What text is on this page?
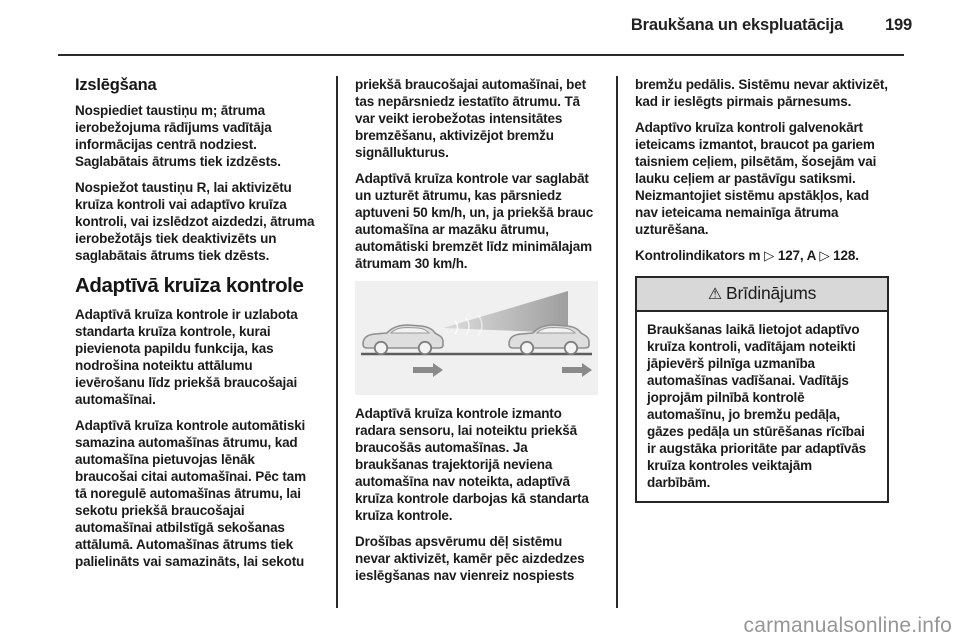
Braukšana un ekspluatācija	199
Izslēgšana

Nospiediet taustiņu m; ātruma ierobežojuma rādījums vadītāja informācijas centrā nodziest. Saglabātais ātrums tiek izdzēsts.

Nospiežot taustiņu R, lai aktivizētu kruīza kontroli vai adaptīvo kruīza kontroli, vai izslēdzot aizdedzi, ātruma ierobežotājs tiek deaktivizēts un saglabātais ātrums tiek dzēsts.

Adaptīvā kruīza kontrole

Adaptīvā kruīza kontrole ir uzlabota standarta kruīza kontrole, kurai pievienota papildu funkcija, kas nodrošina noteiktu attālumu ievērošanu līdz priekšā braucošajai automašīnai.

Adaptīvā kruīza kontrole automātiski samazina automašīnas ātrumu, kad automašīna pietuvojas lēnāk braucošai citai automašīnai. Pēc tam tā noregulē automašīnas ātrumu, lai sekotu priekšā braucošajai automašīnai atbilstīgā sekošanas attālumā. Automašīnas ātrums tiek palielināts vai samazināts, lai sekotu

priekšā braucošajai automašīnai, bet tas nepārsniedz iestatīto ātrumu. Tā var veikt ierobežotas intensitātes bremzēšanu, aktivizējot bremžu signāllukturus.

Adaptīvā kruīza kontrole var saglabāt un uzturēt ātrumu, kas pārsniedz aptuveni 50 km/h, un, ja priekšā brauc automašīna ar mazāku ātrumu, automātiski bremzēt līdz minimālajam ātrumam 30 km/h.

Adaptīvā kruīza kontrole izmanto radara sensoru, lai noteiktu priekšā braucošās automašīnas. Ja braukšanas trajektorijā neviena automašīna nav noteikta, adaptīvā kruīza kontrole darbojas kā standarta kruīza kontrole.

Drošības apsvērumu dēļ sistēmu nevar aktivizēt, kamēr pēc aizdedzes ieslēgšanas nav vienreiz nospiests

bremžu pedālis. Sistēmu nevar aktivizēt, kad ir ieslēgts pirmais pārnesums.

Adaptīvo kruīza kontroli galvenokārt ieteicams izmantot, braucot pa gariem taisniem ceļiem, pilsētām, šosejām vai lauku ceļiem ar pastāvīgu satiksmi. Neizmantojiet sistēmu apstākļos, kad nav ieteicama nemainīga ātruma uzturēšana.

Kontrolindikators m ▷ 127, A ▷ 128.

⚠ Brīdinājums

Braukšanas laikā lietojot adaptīvo kruīza kontroli, vadītājam noteikti jāpievērš pilnīga uzmanība automašīnas vadīšanai. Vadītājs joprojām pilnībā kontrolē automašīnu, jo bremžu pedāļa, gāzes pedāļa un stūrēšanas rīcībai ir augstāka prioritāte par adaptīvās kruīza kontroles veiktajām darbībām.

carmanualsonline.info
